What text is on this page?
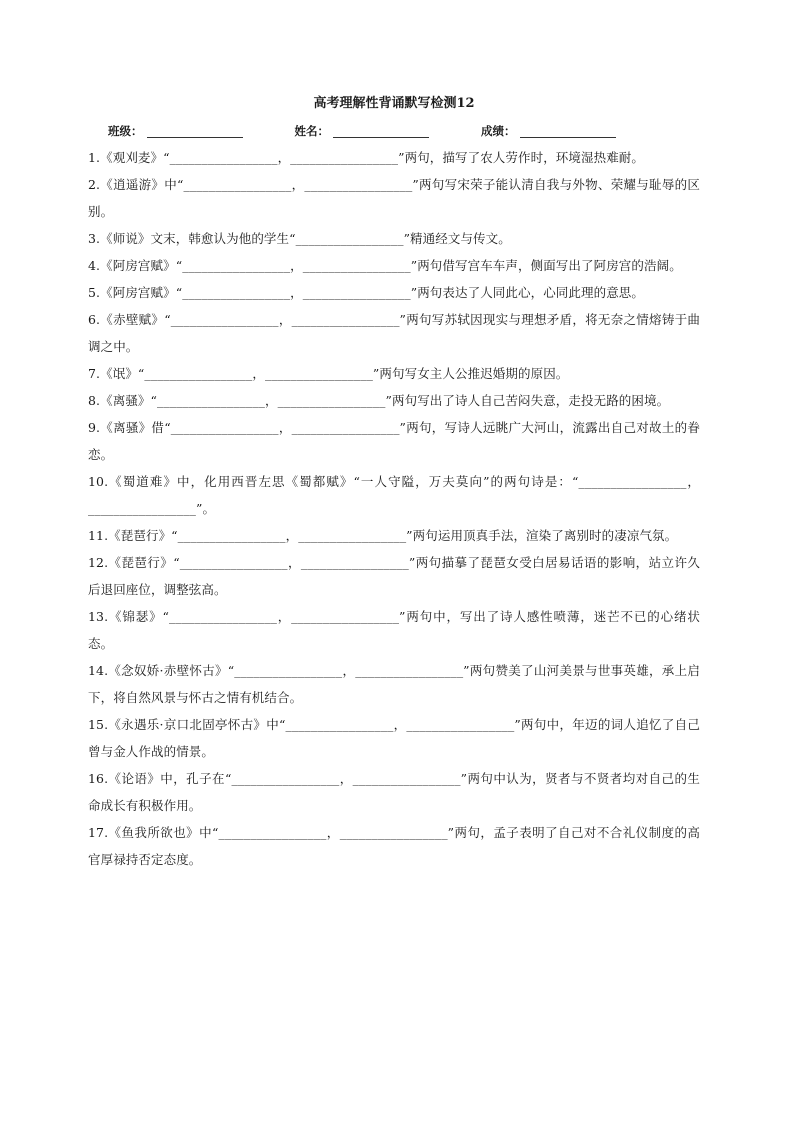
高考理解性背诵默写检测12
班级：	姓名：	成绩：
1.《观刈麦》“_________________，_________________”两句，描写了农人劳作时，环境湿热难耐。
2.《逍遥游》中“_________________，_________________”两句写宋荣子能认清自我与外物、荣耀与耻辱的区别。
3.《师说》文末，韩愈认为他的学生“_________________”精通经文与传文。
4.《阿房宫赋》“_________________，_________________”两句借写宫车车声，侧面写出了阿房宫的浩阔。
5.《阿房宫赋》“_________________，_________________”两句表达了人同此心，心同此理的意思。
6.《赤壁赋》“_________________，_________________”两句写苏轼因现实与理想矛盾，将无奈之情熔铸于曲调之中。
7.《氓》“_________________，_________________”两句写女主人公推迟婚期的原因。
8.《离骚》“_________________，_________________”两句写出了诗人自己苦闷失意，走投无路的困境。
9.《离骚》借“_________________，_________________”两句，写诗人远眺广大河山，流露出自己对故土的眷恋。
10.《蜀道难》中，化用西晋左思《蜀都赋》“一人守隘，万夫莫向”的两句诗是：“_________________，_________________”。
11.《琵琶行》“_________________，_________________”两句运用顶真手法，渲染了离别时的凄凉气氛。
12.《琵琶行》“_________________，_________________”两句描摹了琵琶女受白居易话语的影响，站立许久后退回座位，调整弦高。
13.《锦瑟》“_________________，_________________”两句中，写出了诗人感性喷薄，迷芒不已的心绪状态。
14.《念奴娇·赤壁怀古》“_________________，_________________”两句赞美了山河美景与世事英雄，承上启下，将自然风景与怀古之情有机结合。
15.《永遇乐·京口北固亭怀古》中“_________________，_________________”两句中，年迈的词人追忆了自己曾与金人作战的情景。
16.《论语》中，孔子在“_________________，_________________”两句中认为，贤者与不贤者均对自己的生命成长有积极作用。
17.《鱼我所欲也》中“_________________，_________________”两句，孟子表明了自己对不合礼仪制度的高官厚禄持否定态度。
